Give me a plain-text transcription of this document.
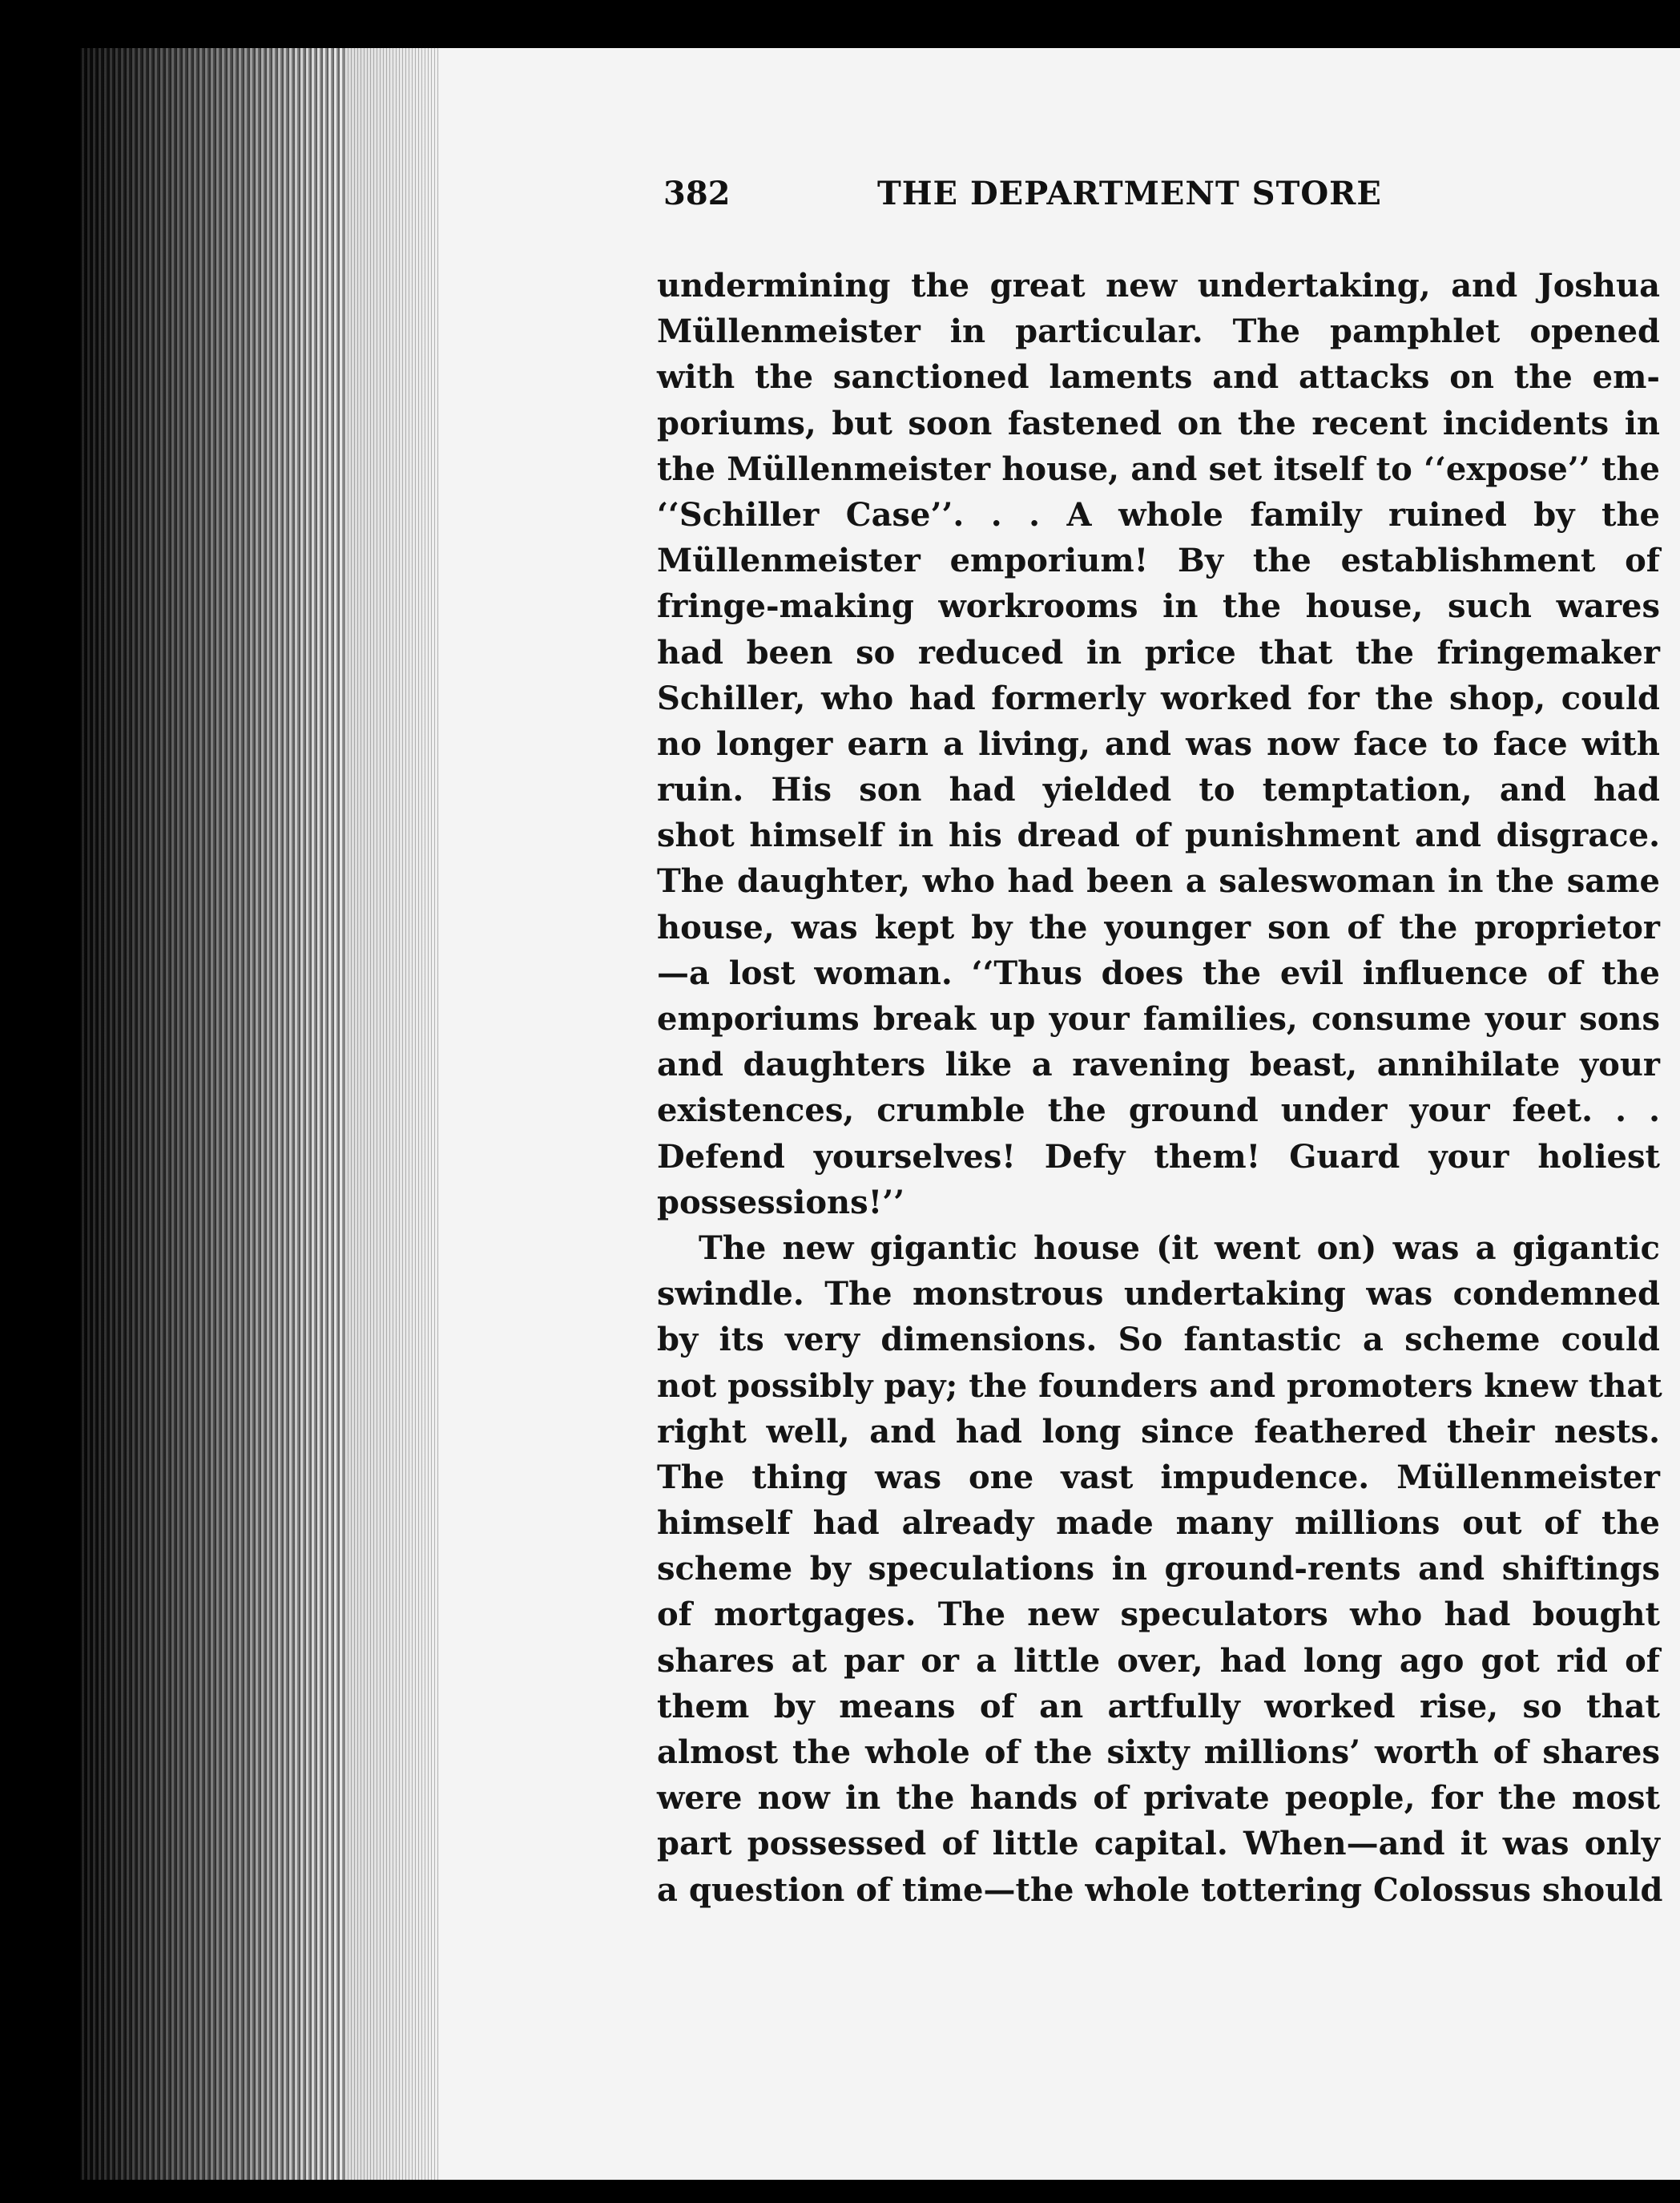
382	THE DEPARTMENT STORE
undermining the great new undertaking, and Joshua
Müllenmeister in particular. The pamphlet opened
with the sanctioned laments and attacks on the em-
poriums, but soon fastened on the recent incidents in
the Müllenmeister house, and set itself to ‘‘expose’’ the
‘‘Schiller Case’’. . . A whole family ruined by the
Müllenmeister emporium! By the establishment of
fringe-making workrooms in the house, such wares
had been so reduced in price that the fringemaker
Schiller, who had formerly worked for the shop, could
no longer earn a living, and was now face to face with
ruin. His son had yielded to temptation, and had
shot himself in his dread of punishment and disgrace.
The daughter, who had been a saleswoman in the same
house, was kept by the younger son of the proprietor
—a lost woman. ‘‘Thus does the evil influence of the
emporiums break up your families, consume your sons
and daughters like a ravening beast, annihilate your
existences, crumble the ground under your feet. . .
Defend yourselves! Defy them! Guard your holiest
possessions!’’
The new gigantic house (it went on) was a gigantic
swindle. The monstrous undertaking was condemned
by its very dimensions. So fantastic a scheme could
not possibly pay; the founders and promoters knew that
right well, and had long since feathered their nests.
The thing was one vast impudence. Müllenmeister
himself had already made many millions out of the
scheme by speculations in ground-rents and shiftings
of mortgages. The new speculators who had bought
shares at par or a little over, had long ago got rid of
them by means of an artfully worked rise, so that
almost the whole of the sixty millions’ worth of shares
were now in the hands of private people, for the most
part possessed of little capital. When—and it was only
a question of time—the whole tottering Colossus should
